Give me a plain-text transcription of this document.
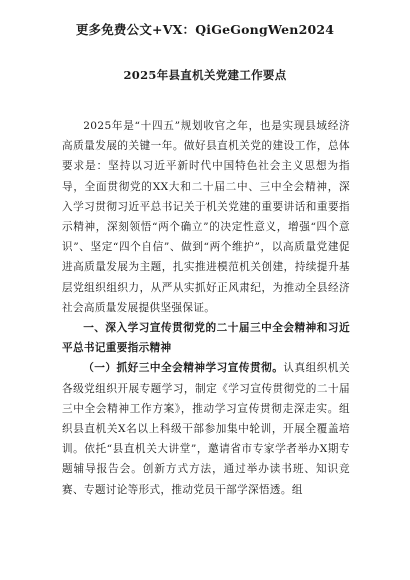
更多免费公文+VX：QiGeGongWen2024
2025年县直机关党建工作要点

2025年是“十四五”规划收官之年，也是实现县域经济高质量发展的关键一年。做好县直机关党的建设工作，总体要求是：坚持以习近平新时代中国特色社会主义思想为指导，全面贯彻党的XX大和二十届二中、三中全会精神，深入学习贯彻习近平总书记关于机关党建的重要讲话和重要指示精神，深刻领悟“两个确立”的决定性意义，增强“四个意识”、坚定“四个自信”、做到“两个维护”，以高质量党建促进高质量发展为主题，扎实推进模范机关创建，持续提升基层党组织组织力，从严从实抓好正风肃纪，为推动全县经济社会高质量发展提供坚强保证。

一、深入学习宣传贯彻党的二十届三中全会精神和习近平总书记重要指示精神

（一）抓好三中全会精神学习宣传贯彻。认真组织机关各级党组织开展专题学习，制定《学习宣传贯彻党的二十届三中全会精神工作方案》，推动学习宣传贯彻走深走实。组织县直机关X名以上科级干部参加集中轮训，开展全覆盖培训。依托“县直机关大讲堂”，邀请省市专家学者举办X期专题辅导报告会。创新方式方法，通过举办读书班、知识竞赛、专题讨论等形式，推动党员干部学深悟透。组
